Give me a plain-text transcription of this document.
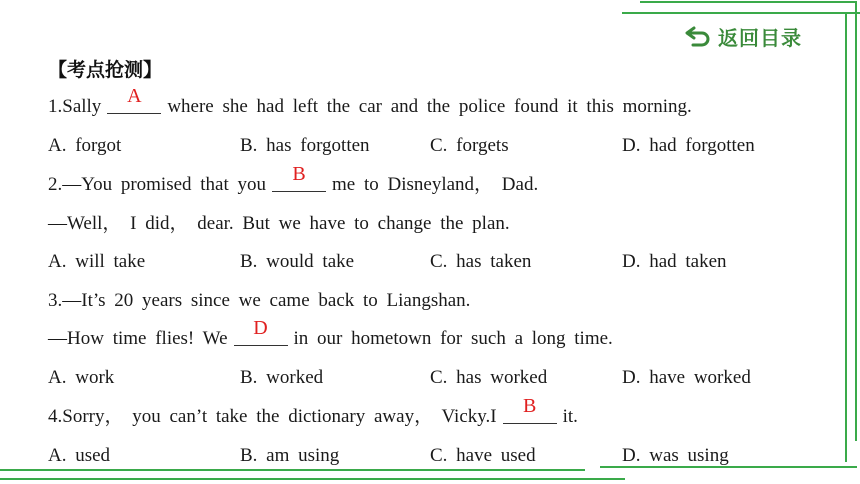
返回目录
【考点抢测】
1.Sally	A	where she had left the car and the police found it this morning.
A. forgot	B. has forgotten	C. forgets	D. had forgotten
2.—You promised that you	B	me to Disneyland， Dad.
—Well， I did， dear. But we have to change the plan.
A. will take	B. would take	C. has taken	D. had taken
3.—It’s 20 years since we came back to Liangshan.
—How time flies! We	D	in our hometown for such a long time.
A. work	B. worked	C. has worked	D. have worked
4.Sorry， you can’t take the dictionary away， Vicky.I	B	it.
A. used	B. am using	C. have used	D. was using
